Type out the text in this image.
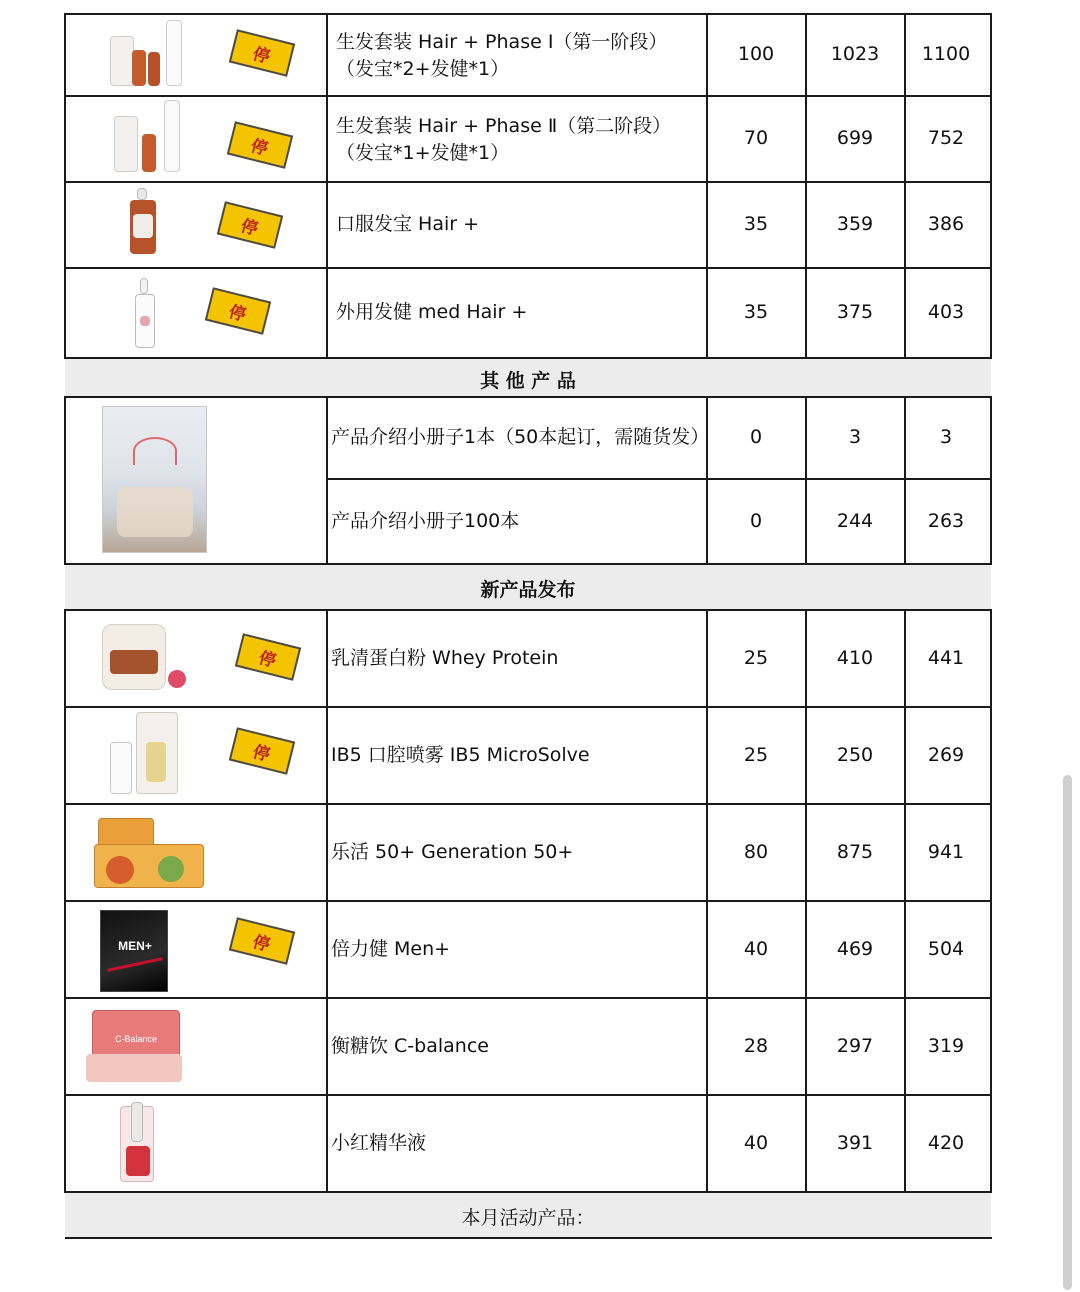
停
生发套装 Hair + Phase Ⅰ（第一阶段）
（发宝*2+发健*1）
100	1023	1100
停
生发套装 Hair + Phase Ⅱ（第二阶段）
（发宝*1+发健*1）
70	699	752
停	口服发宝 Hair +	35	359	386
停	外用发健 med Hair +	35	375	403
其 他 产 品
产品介绍小册子1本（50本起订，需随货发）	0	3	3
产品介绍小册子100本	0	244	263
新产品发布
停	乳清蛋白粉 Whey Protein	25	410	441
停	IB5 口腔喷雾 IB5 MicroSolve	25	250	269
乐活 50+ Generation 50+	80	875	941
MEN+	停	倍力健 Men+	40	469	504
C-Balance	衡糖饮 C-balance	28	297	319
小红精华液	40	391	420
本月活动产品：
